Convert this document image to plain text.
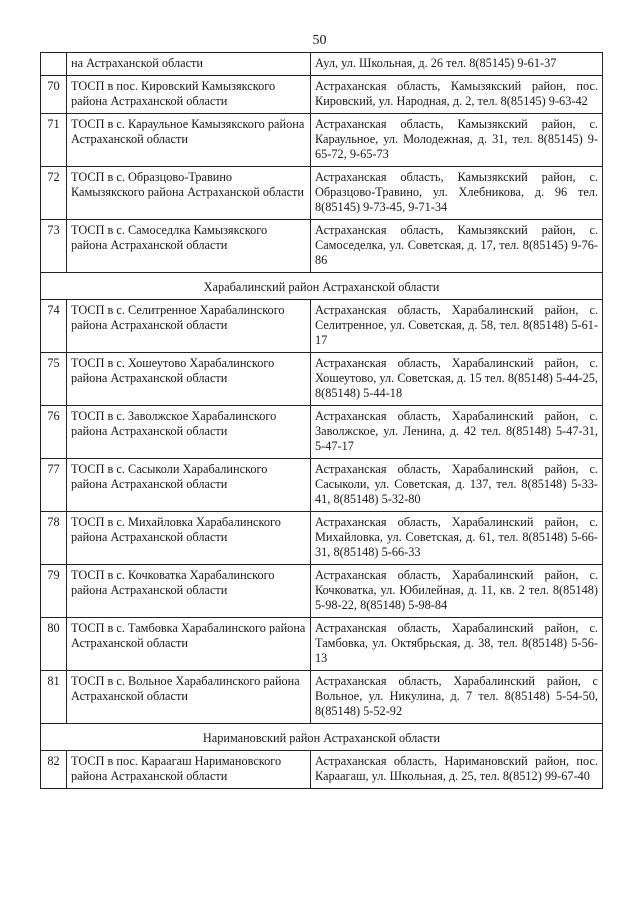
50
	на Астраханской области	Аул, ул. Школьная, д. 26 тел. 8(85145) 9-61-37
70	ТОСП в пос. Кировский Камызякского района Астраханской области	Астраханская область, Камызякский район, пос. Кировский, ул. Народная, д. 2, тел. 8(85145) 9-63-42
71	ТОСП в с. Караульное Камызякского района Астраханской области	Астраханская область, Камызякский район, с. Караульное, ул. Молодежная, д. 31, тел. 8(85145) 9-65-72, 9-65-73
72	ТОСП в с. Образцово-Травино Камызякского района Астраханской области	Астраханская область, Камызякский район, с. Образцово-Травино, ул. Хлебникова, д. 96 тел. 8(85145) 9-73-45, 9-71-34
73	ТОСП в с. Самоседлка Камызякского района Астраханской области	Астраханская область, Камызякский район, с. Самоседелка, ул. Советская, д. 17, тел. 8(85145) 9-76-86
Харабалинский район Астраханской области		
74	ТОСП в с. Селитренное Харабалинского района Астраханской области	Астраханская область, Харабалинский район, с. Селитренное, ул. Советская, д. 58, тел. 8(85148) 5-61-17
75	ТОСП в с. Хошеутово Харабалинского района Астраханской области	Астраханская область, Харабалинский район, с. Хошеутово, ул. Советская, д. 15 тел. 8(85148) 5-44-25, 8(85148) 5-44-18
76	ТОСП в с. Заволжское Харабалинского района Астраханской области	Астраханская область, Харабалинский район, с. Заволжское, ул. Ленина, д. 42 тел. 8(85148) 5-47-31, 5-47-17
77	ТОСП в с. Сасыколи Харабалинского района Астраханской области	Астраханская область, Харабалинский район, с. Сасыколи, ул. Советская, д. 137, тел. 8(85148) 5-33-41, 8(85148) 5-32-80
78	ТОСП в с. Михайловка Харабалинского района Астраханской области	Астраханская область, Харабалинский район, с. Михайловка, ул. Советская, д. 61, тел. 8(85148) 5-66-31, 8(85148) 5-66-33
79	ТОСП в с. Кочковатка Харабалинского района Астраханской области	Астраханская область, Харабалинский район, с. Кочковатка, ул. Юбилейная, д. 11, кв. 2 тел. 8(85148) 5-98-22, 8(85148) 5-98-84
80	ТОСП в с. Тамбовка Харабалинского района Астраханской области	Астраханская область, Харабалинский район, с. Тамбовка, ул. Октябрьская, д. 38, тел. 8(85148) 5-56-13
81	ТОСП в с. Вольное Харабалинского района Астраханской области	Астраханская область, Харабалинский район, с Вольное, ул. Никулина, д. 7 тел. 8(85148) 5-54-50, 8(85148) 5-52-92
Наримановский район Астраханской области		
82	ТОСП в пос. Караагаш Наримановского района Астраханской области	Астраханская область, Наримановский район, пос. Караагаш, ул. Школьная, д. 25, тел. 8(8512) 99-67-40
